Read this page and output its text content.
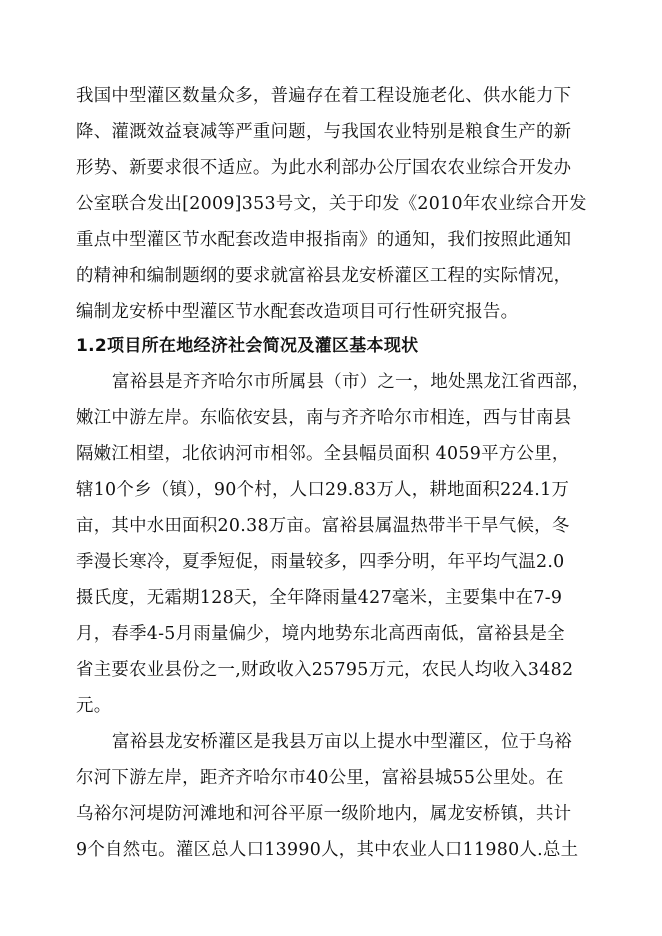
我国中型灌区数量众多，普遍存在着工程设施老化、供水能力下
降、灌溉效益衰减等严重问题，与我国农业特别是粮食生产的新
形势、新要求很不适应。为此水利部办公厅国农农业综合开发办
公室联合发出[2009]353号文，关于印发《2010年农业综合开发
重点中型灌区节水配套改造申报指南》的通知，我们按照此通知
的精神和编制题纲的要求就富裕县龙安桥灌区工程的实际情况，
编制龙安桥中型灌区节水配套改造项目可行性研究报告。
1.2项目所在地经济社会简况及灌区基本现状
富裕县是齐齐哈尔市所属县（市）之一，地处黑龙江省西部，
嫩江中游左岸。东临依安县，南与齐齐哈尔市相连，西与甘南县
隔嫩江相望，北依讷河市相邻。全县幅员面积 4059平方公里，
辖10个乡（镇），90个村，人口29.83万人，耕地面积224.1万
亩，其中水田面积20.38万亩。富裕县属温热带半干旱气候，冬
季漫长寒冷，夏季短促，雨量较多，四季分明，年平均气温2.0
摄氏度，无霜期128天，全年降雨量427毫米，主要集中在7-9
月，春季4-5月雨量偏少，境内地势东北高西南低，富裕县是全
省主要农业县份之一,财政收入25795万元，农民人均收入3482
元。
富裕县龙安桥灌区是我县万亩以上提水中型灌区，位于乌裕
尔河下游左岸，距齐齐哈尔市40公里，富裕县城55公里处。在
乌裕尔河堤防河滩地和河谷平原一级阶地内，属龙安桥镇，共计
9个自然屯。灌区总人口13990人，其中农业人口11980人.总土
